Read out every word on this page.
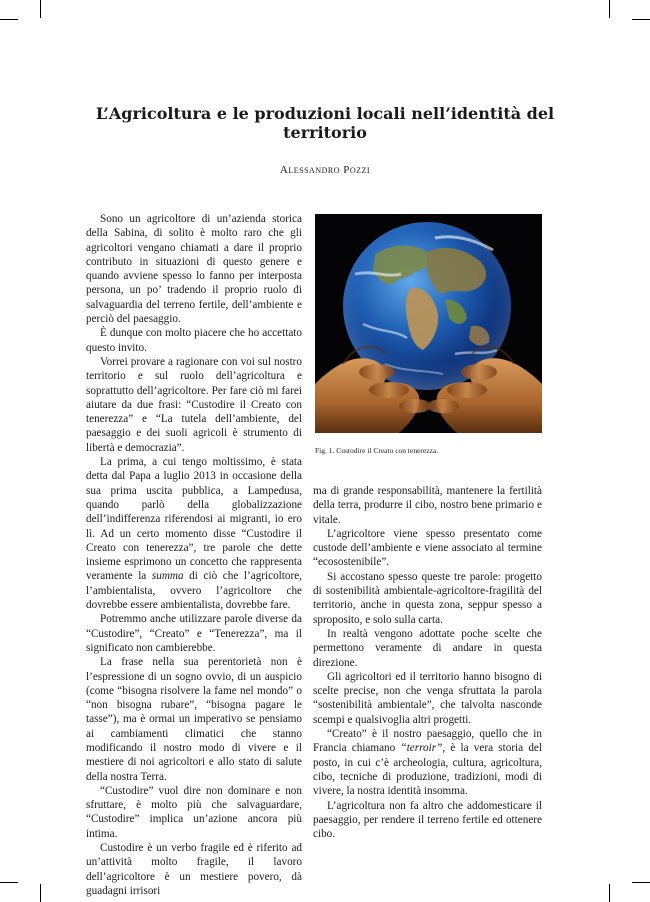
L’Agricoltura e le produzioni locali nell’identità del territorio
Alessandro Pozzi

Sono un agricoltore di un’azienda storica della Sabina, di solito è molto raro che gli agricoltori vengano chiamati a dare il proprio contributo in situazioni di questo genere e quando avviene spesso lo fanno per interposta persona, un po’ tradendo il proprio ruolo di salvaguardia del terreno fertile, dell’ambiente e perciò del paesaggio.

È dunque con molto piacere che ho accettato questo invito.

Vorrei provare a ragionare con voi sul nostro territorio e sul ruolo dell’agricoltura e soprattutto dell’agricoltore. Per fare ciò mi farei aiutare da due frasi: “Custodire il Creato con tenerezza” e “La tutela dell’ambiente, del paesaggio e dei suoli agricoli è strumento di libertà e democrazia”.

La prima, a cui tengo moltissimo, è stata detta dal Papa a luglio 2013 in occasione della sua prima uscita pubblica, a Lampedusa, quando parlò della globalizzazione dell’indifferenza riferendosi ai migranti, io ero lì. Ad un certo momento disse “Custodire il Creato con tenerezza”, tre parole che dette insieme esprimono un concetto che rappresenta veramente la summa di ciò che l’agricoltore, l’ambientalista, ovvero l’agricoltore che dovrebbe essere ambientalista, dovrebbe fare.

Potremmo anche utilizzare parole diverse da “Custodire”, “Creato” e “Tenerezza”, ma il significato non cambierebbe.

La frase nella sua perentorietà non è l’espressione di un sogno ovvio, di un auspicio (come “bisogna risolvere la fame nel mondo” o “non bisogna rubare”, “bisogna pagare le tasse”), ma è ormai un imperativo se pensiamo ai cambiamenti climatici che stanno modificando il nostro modo di vivere e il mestiere di noi agricoltori e allo stato di salute della nostra Terra.

“Custodire” vuol dire non dominare e non sfruttare, è molto più che salvaguardare, “Custodire” implica un’azione ancora più intima.

Custodire è un verbo fragile ed è riferito ad un’attività molto fragile, il lavoro dell’agricoltore è un mestiere povero, dà guadagni irrisori

Fig. 1. Custodire il Creato con tenerezza.

ma di grande responsabilità, mantenere la fertilità della terra, produrre il cibo, nostro bene primario e vitale.

L’agricoltore viene spesso presentato come custode dell’ambiente e viene associato al termine “ecosostenibile”.

Si accostano spesso queste tre parole: progetto di sostenibilità ambientale-agricoltore-fragilità del territorio, anche in questa zona, seppur spesso a sproposito, e solo sulla carta.

In realtà vengono adottate poche scelte che permettono veramente di andare in questa direzione.

Gli agricoltori ed il territorio hanno bisogno di scelte precise, non che venga sfruttata la parola “sostenibilità ambientale”, che talvolta nasconde scempi e qualsivoglia altri progetti.

“Creato” è il nostro paesaggio, quello che in Francia chiamano “terroir”, è la vera storia del posto, in cui c’è archeologia, cultura, agricoltura, cibo, tecniche di produzione, tradizioni, modi di vivere, la nostra identità insomma.

L’agricoltura non fa altro che addomesticare il paesaggio, per rendere il terreno fertile ed ottenere cibo.
